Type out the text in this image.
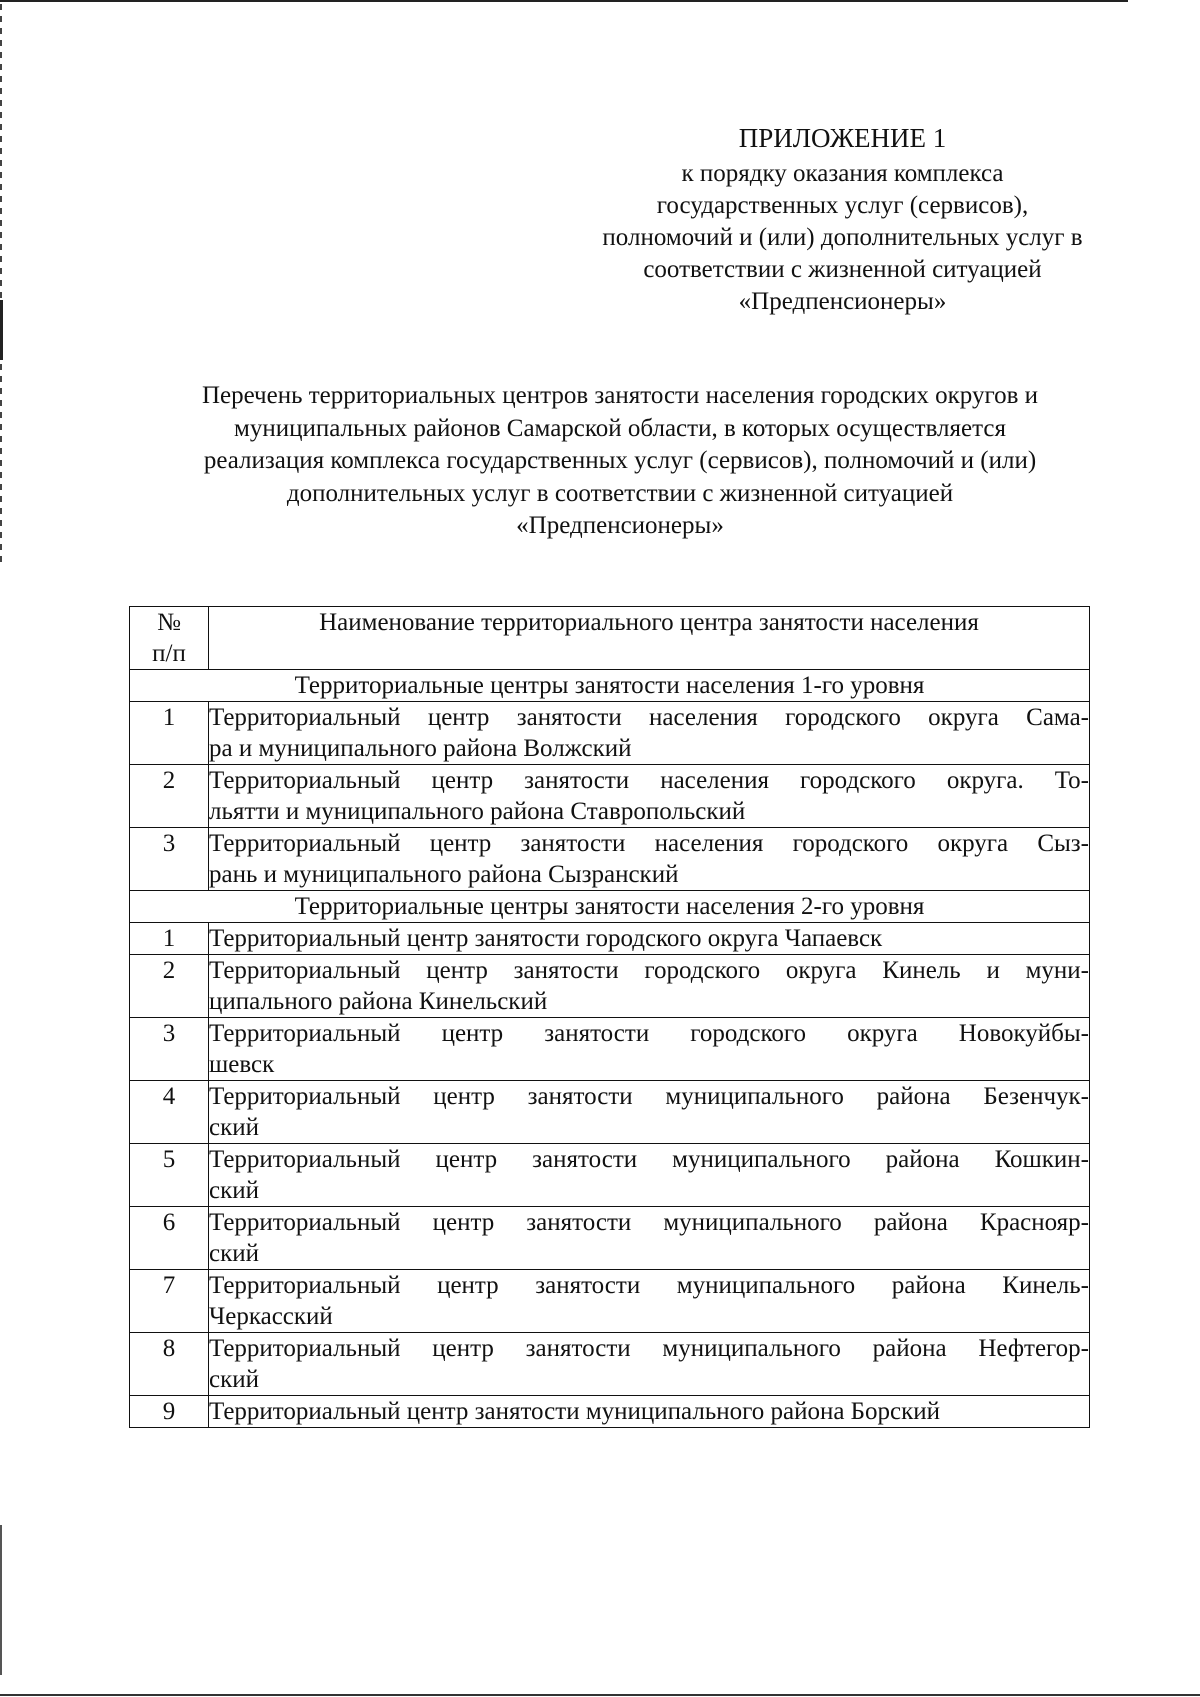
ПРИЛОЖЕНИЕ 1
к порядку оказания комплекса
государственных услуг (сервисов),
полномочий и (или) дополнительных услуг в
соответствии с жизненной ситуацией
«Предпенсионеры»
Перечень территориальных центров занятости населения городских округов и
муниципальных районов Самарской области, в которых осуществляется
реализация комплекса государственных услуг (сервисов), полномочий и (или)
дополнительных услуг в соответствии с жизненной ситуацией
«Предпенсионеры»
№
п/п	Наименование территориального центра занятости населения
Территориальные центры занятости населения 1-го уровня	
1	Территориальный центр занятости населения городского округа Сама-
ра и муниципального района Волжский

2	Территориальный центр занятости населения городского округа. То-
льятти и муниципального района Ставропольский

3	Территориальный центр занятости населения городского округа Сыз-
рань и муниципального района Сызранский

Территориальные центры занятости населения 2-го уровня	
1	Территориальный центр занятости городского округа Чапаевск

2	Территориальный центр занятости городского округа Кинель и муни-
ципального района Кинельский

3	Территориальный центр занятости городского округа Новокуйбы-
шевск

4	Территориальный центр занятости муниципального района Безенчук-
ский

5	Территориальный центр занятости муниципального района Кошкин-
ский

6	Территориальный центр занятости муниципального района Краснояр-
ский

7	Территориальный центр занятости муниципального района Кинель-
Черкасский

8	Территориальный центр занятости муниципального района Нефтегор-
ский

9	Территориальный центр занятости муниципального района Борский
